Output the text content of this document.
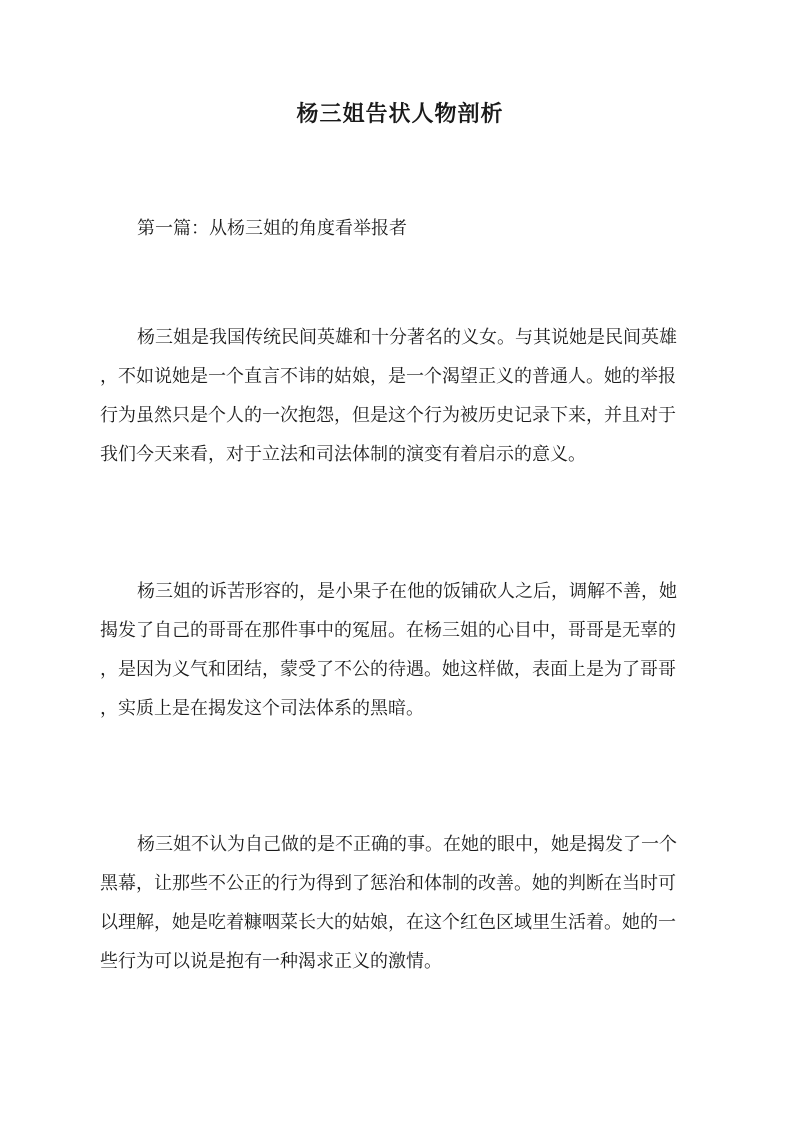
杨三姐告状人物剖析

第一篇：从杨三姐的角度看举报者

杨三姐是我国传统民间英雄和十分著名的义女。与其说她是民间英雄
，不如说她是一个直言不讳的姑娘，是一个渴望正义的普通人。她的举报
行为虽然只是个人的一次抱怨，但是这个行为被历史记录下来，并且对于
我们今天来看，对于立法和司法体制的演变有着启示的意义。

杨三姐的诉苦形容的，是小果子在他的饭铺砍人之后，调解不善，她
揭发了自己的哥哥在那件事中的冤屈。在杨三姐的心目中，哥哥是无辜的
，是因为义气和团结，蒙受了不公的待遇。她这样做，表面上是为了哥哥
，实质上是在揭发这个司法体系的黑暗。

杨三姐不认为自己做的是不正确的事。在她的眼中，她是揭发了一个
黑幕，让那些不公正的行为得到了惩治和体制的改善。她的判断在当时可
以理解，她是吃着糠咽菜长大的姑娘，在这个红色区域里生活着。她的一
些行为可以说是抱有一种渴求正义的激情。
